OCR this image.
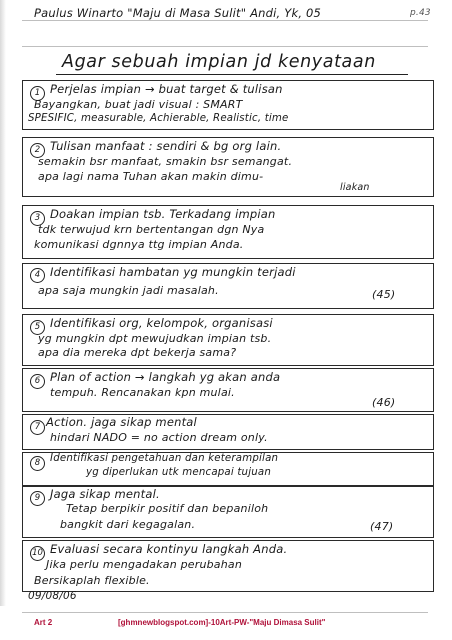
Paulus Winarto "Maju di Masa Sulit" Andi, Yk, 05	p.43
Agar sebuah impian jd kenyataan
1 Perjelas impian → buat target & tulisan
Bayangkan, buat jadi visual : SMART
SPESIFIC, measurable, Achierable, Realistic, time
2 Tulisan manfaat : sendiri & bg org lain.
semakin bsr manfaat, smakin bsr semangat.
apa lagi nama Tuhan akan makin dimu-
liakan
3 Doakan impian tsb. Terkadang impian
tdk terwujud krn bertentangan dgn Nya
komunikasi dgnnya ttg impian Anda.
4 Identifikasi hambatan yg mungkin terjadi
apa saja mungkin jadi masalah.	(45)
5 Identifikasi org, kelompok, organisasi
yg mungkin dpt mewujudkan impian tsb.
apa dia mereka dpt bekerja sama?
6 Plan of action → langkah yg akan anda
tempuh. Rencanakan kpn mulai.
(46)
7 Action. jaga sikap mental
hindari NADO = no action dream only.
8 Identifikasi pengetahuan dan keterampilan
yg diperlukan utk mencapai tujuan
9 Jaga sikap mental.
Tetap berpikir positif dan bepaniloh
bangkit dari kegagalan.	(47)
10 Evaluasi secara kontinyu langkah Anda.
Jika perlu mengadakan perubahan
Bersikaplah flexible.
09/08/06
Art 2	[ghmnewblogspot.com]-10Art-PW-"Maju Dimasa Sulit"
